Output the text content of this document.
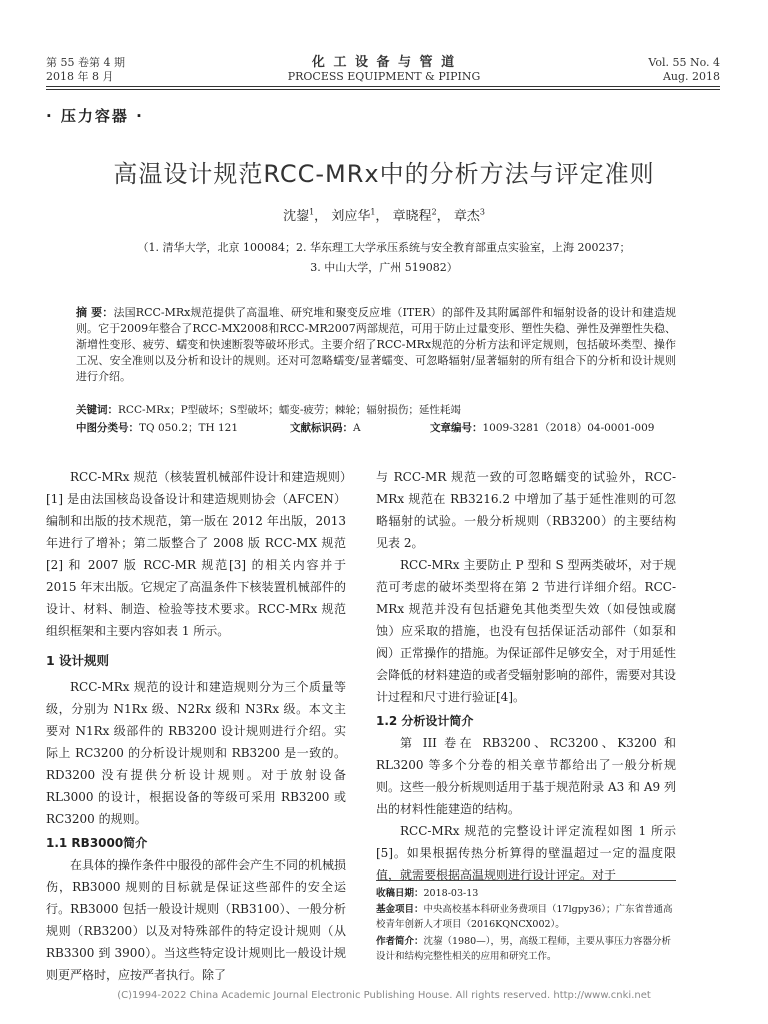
第 55 卷第 4 期
2018 年 8 月
化 工 设 备 与 管 道
PROCESS EQUIPMENT & PIPING
Vol. 55 No. 4
Aug. 2018
· 压力容器 ·
高温设计规范RCC-MRx中的分析方法与评定准则
沈鋆$^1$， 刘应华$^1$， 章晓程$^2$， 章杰$^3$
（1. 清华大学，北京 100084；2. 华东理工大学承压系统与安全教育部重点实验室，上海 200237；
3. 中山大学，广州 519082）
摘 要：法国RCC-MRx规范提供了高温堆、研究堆和聚变反应堆（ITER）的部件及其附属部件和辐射设备的设计和建造规则。它于2009年整合了RCC-MX2008和RCC-MR2007两部规范，可用于防止过量变形、塑性失稳、弹性及弹塑性失稳、渐增性变形、疲劳、蠕变和快速断裂等破坏形式。主要介绍了RCC-MRx规范的分析方法和评定规则，包括破坏类型、操作工况、安全准则以及分析和设计的规则。还对可忽略蠕变/显著蠕变、可忽略辐射/显著辐射的所有组合下的分析和设计规则进行介绍。
关键词：RCC-MRx；P型破坏；S型破坏；蠕变-疲劳；棘轮；辐射损伤；延性耗竭
中图分类号：TQ 050.2；TH 121	文献标识码：A	文章编号：1009-3281（2018）04-0001-009

RCC-MRx 规范（核装置机械部件设计和建造规则）[1] 是由法国核岛设备设计和建造规则协会（AFCEN）编制和出版的技术规范，第一版在 2012 年出版，2013 年进行了增补；第二版整合了 2008 版 RCC-MX 规范[2] 和 2007 版 RCC-MR 规范[3] 的相关内容并于 2015 年末出版。它规定了高温条件下核装置机械部件的设计、材料、制造、检验等技术要求。RCC-MRx 规范组织框架和主要内容如表 1 所示。

1 设计规则

RCC-MRx 规范的设计和建造规则分为三个质量等级，分别为 N1Rx 级、N2Rx 级和 N3Rx 级。本文主要对 N1Rx 级部件的 RB3200 设计规则进行介绍。实际上 RC3200 的分析设计规则和 RB3200 是一致的。RD3200 没有提供分析设计规则。对于放射设备 RL3000 的设计，根据设备的等级可采用 RB3200 或 RC3200 的规则。

1.1 RB3000简介

在具体的操作条件中服役的部件会产生不同的机械损伤，RB3000 规则的目标就是保证这些部件的安全运行。RB3000 包括一般设计规则（RB3100）、一般分析规则（RB3200）以及对特殊部件的特定设计规则（从 RB3300 到 3900）。当这些特定设计规则比一般设计规则更严格时，应按严者执行。除了

与 RCC-MR 规范一致的可忽略蠕变的试验外，RCC-MRx 规范在 RB3216.2 中增加了基于延性准则的可忽略辐射的试验。一般分析规则（RB3200）的主要结构见表 2。

RCC-MRx 主要防止 P 型和 S 型两类破坏，对于规范可考虑的破坏类型将在第 2 节进行详细介绍。RCC-MRx 规范并没有包括避免其他类型失效（如侵蚀或腐蚀）应采取的措施，也没有包括保证活动部件（如泵和阀）正常操作的措施。为保证部件足够安全，对于用延性会降低的材料建造的或者受辐射影响的部件，需要对其设计过程和尺寸进行验证[4]。

1.2 分析设计简介

第 III 卷在 RB3200、RC3200、K3200 和 RL3200 等多个分卷的相关章节都给出了一般分析规则。这些一般分析规则适用于基于规范附录 A3 和 A9 列出的材料性能建造的结构。

RCC-MRx 规范的完整设计评定流程如图 1 所示[5]。如果根据传热分析算得的壁温超过一定的温度限值，就需要根据高温规则进行设计评定。对于

收稿日期：2018-03-13
基金项目：中央高校基本科研业务费项目（17lgpy36）；广东省普通高校青年创新人才项目（2016KQNCX002）。
作者简介：沈鋆（1980—），男，高级工程师，主要从事压力容器分析设计和结构完整性相关的应用和研究工作。
(C)1994-2022 China Academic Journal Electronic Publishing House. All rights reserved. http://www.cnki.net
